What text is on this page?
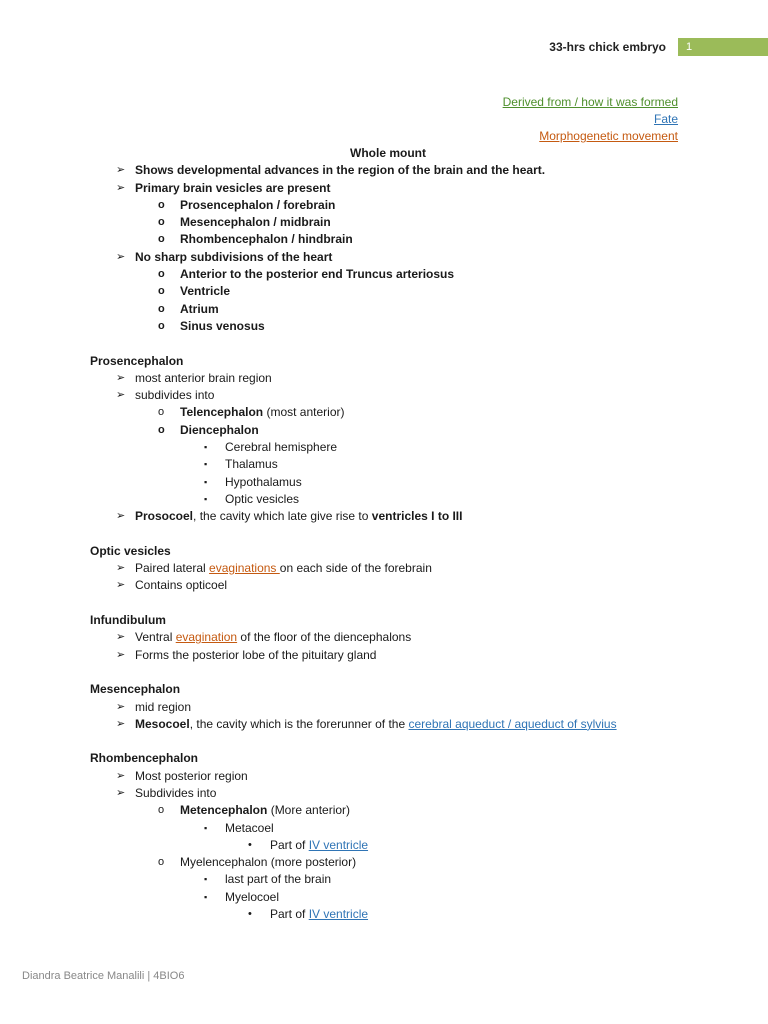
33-hrs chick embryo	1
Derived from / how it was formed
Fate
Morphogenetic movement
Whole mount
➢ Shows developmental advances in the region of the brain and the heart.
➢ Primary brain vesicles are present
o Prosencephalon / forebrain
o Mesencephalon / midbrain
o Rhombencephalon / hindbrain
➢ No sharp subdivisions of the heart
o Anterior to the posterior end Truncus arteriosus
o Ventricle
o Atrium
o Sinus venosus
Prosencephalon
➢ most anterior brain region
➢ subdivides into
o Telencephalon (most anterior)
o Diencephalon
▪ Cerebral hemisphere
▪ Thalamus
▪ Hypothalamus
▪ Optic vesicles
➢ Prosocoel, the cavity which late give rise to ventricles I to III
Optic vesicles
➢ Paired lateral evaginations on each side of the forebrain
➢ Contains opticoel
Infundibulum
➢ Ventral evagination of the floor of the diencephalons
➢ Forms the posterior lobe of the pituitary gland
Mesencephalon
➢ mid region
➢ Mesocoel, the cavity which is the forerunner of the cerebral aqueduct / aqueduct of sylvius
Rhombencephalon
➢ Most posterior region
➢ Subdivides into
o Metencephalon (More anterior)
▪ Metacoel
• Part of IV ventricle
o Myelencephalon (more posterior)
▪ last part of the brain
▪ Myelocoel
• Part of IV ventricle
Diandra Beatrice Manalili | 4BIO6
